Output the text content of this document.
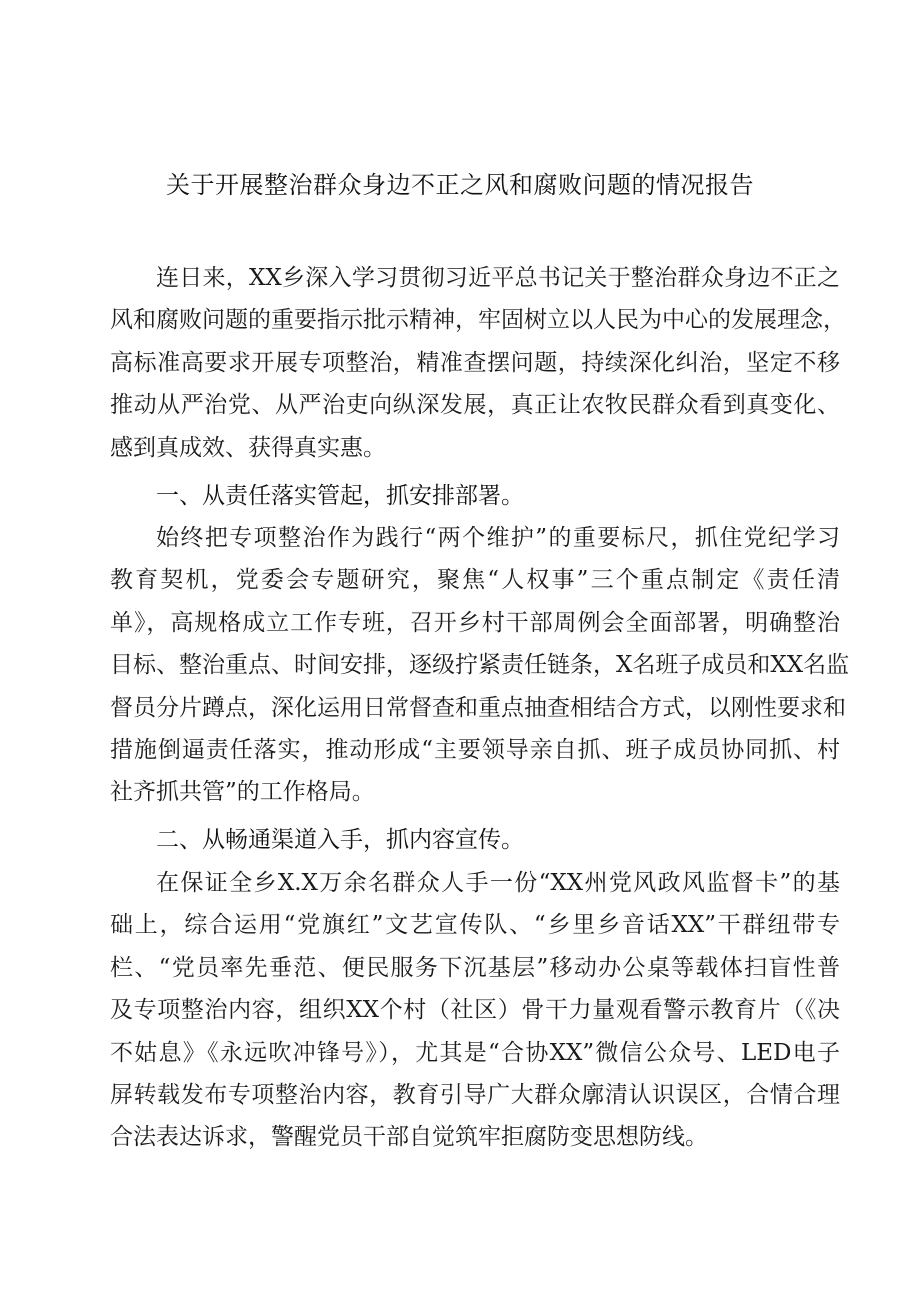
关于开展整治群众身边不正之风和腐败问题的情况报告
连日来，XX乡深入学习贯彻习近平总书记关于整治群众身边不正之
风和腐败问题的重要指示批示精神，牢固树立以人民为中心的发展理念，
高标准高要求开展专项整治，精准查摆问题，持续深化纠治，坚定不移
推动从严治党、从严治吏向纵深发展，真正让农牧民群众看到真变化、
感到真成效、获得真实惠。
一、从责任落实管起，抓安排部署。
始终把专项整治作为践行“两个维护”的重要标尺，抓住党纪学习
教育契机，党委会专题研究，聚焦“人权事”三个重点制定《责任清
单》，高规格成立工作专班，召开乡村干部周例会全面部署，明确整治
目标、整治重点、时间安排，逐级拧紧责任链条，X名班子成员和XX名监
督员分片蹲点，深化运用日常督查和重点抽查相结合方式，以刚性要求和
措施倒逼责任落实，推动形成“主要领导亲自抓、班子成员协同抓、村
社齐抓共管”的工作格局。
二、从畅通渠道入手，抓内容宣传。
在保证全乡X.X万余名群众人手一份“XX州党风政风监督卡”的基
础上，综合运用“党旗红”文艺宣传队、“乡里乡音话XX”干群纽带专
栏、“党员率先垂范、便民服务下沉基层”移动办公桌等载体扫盲性普
及专项整治内容，组织XX个村（社区）骨干力量观看警示教育片（《决
不姑息》《永远吹冲锋号》），尤其是“合协XX”微信公众号、LED电子
屏转载发布专项整治内容，教育引导广大群众廓清认识误区，合情合理
合法表达诉求，警醒党员干部自觉筑牢拒腐防变思想防线。
